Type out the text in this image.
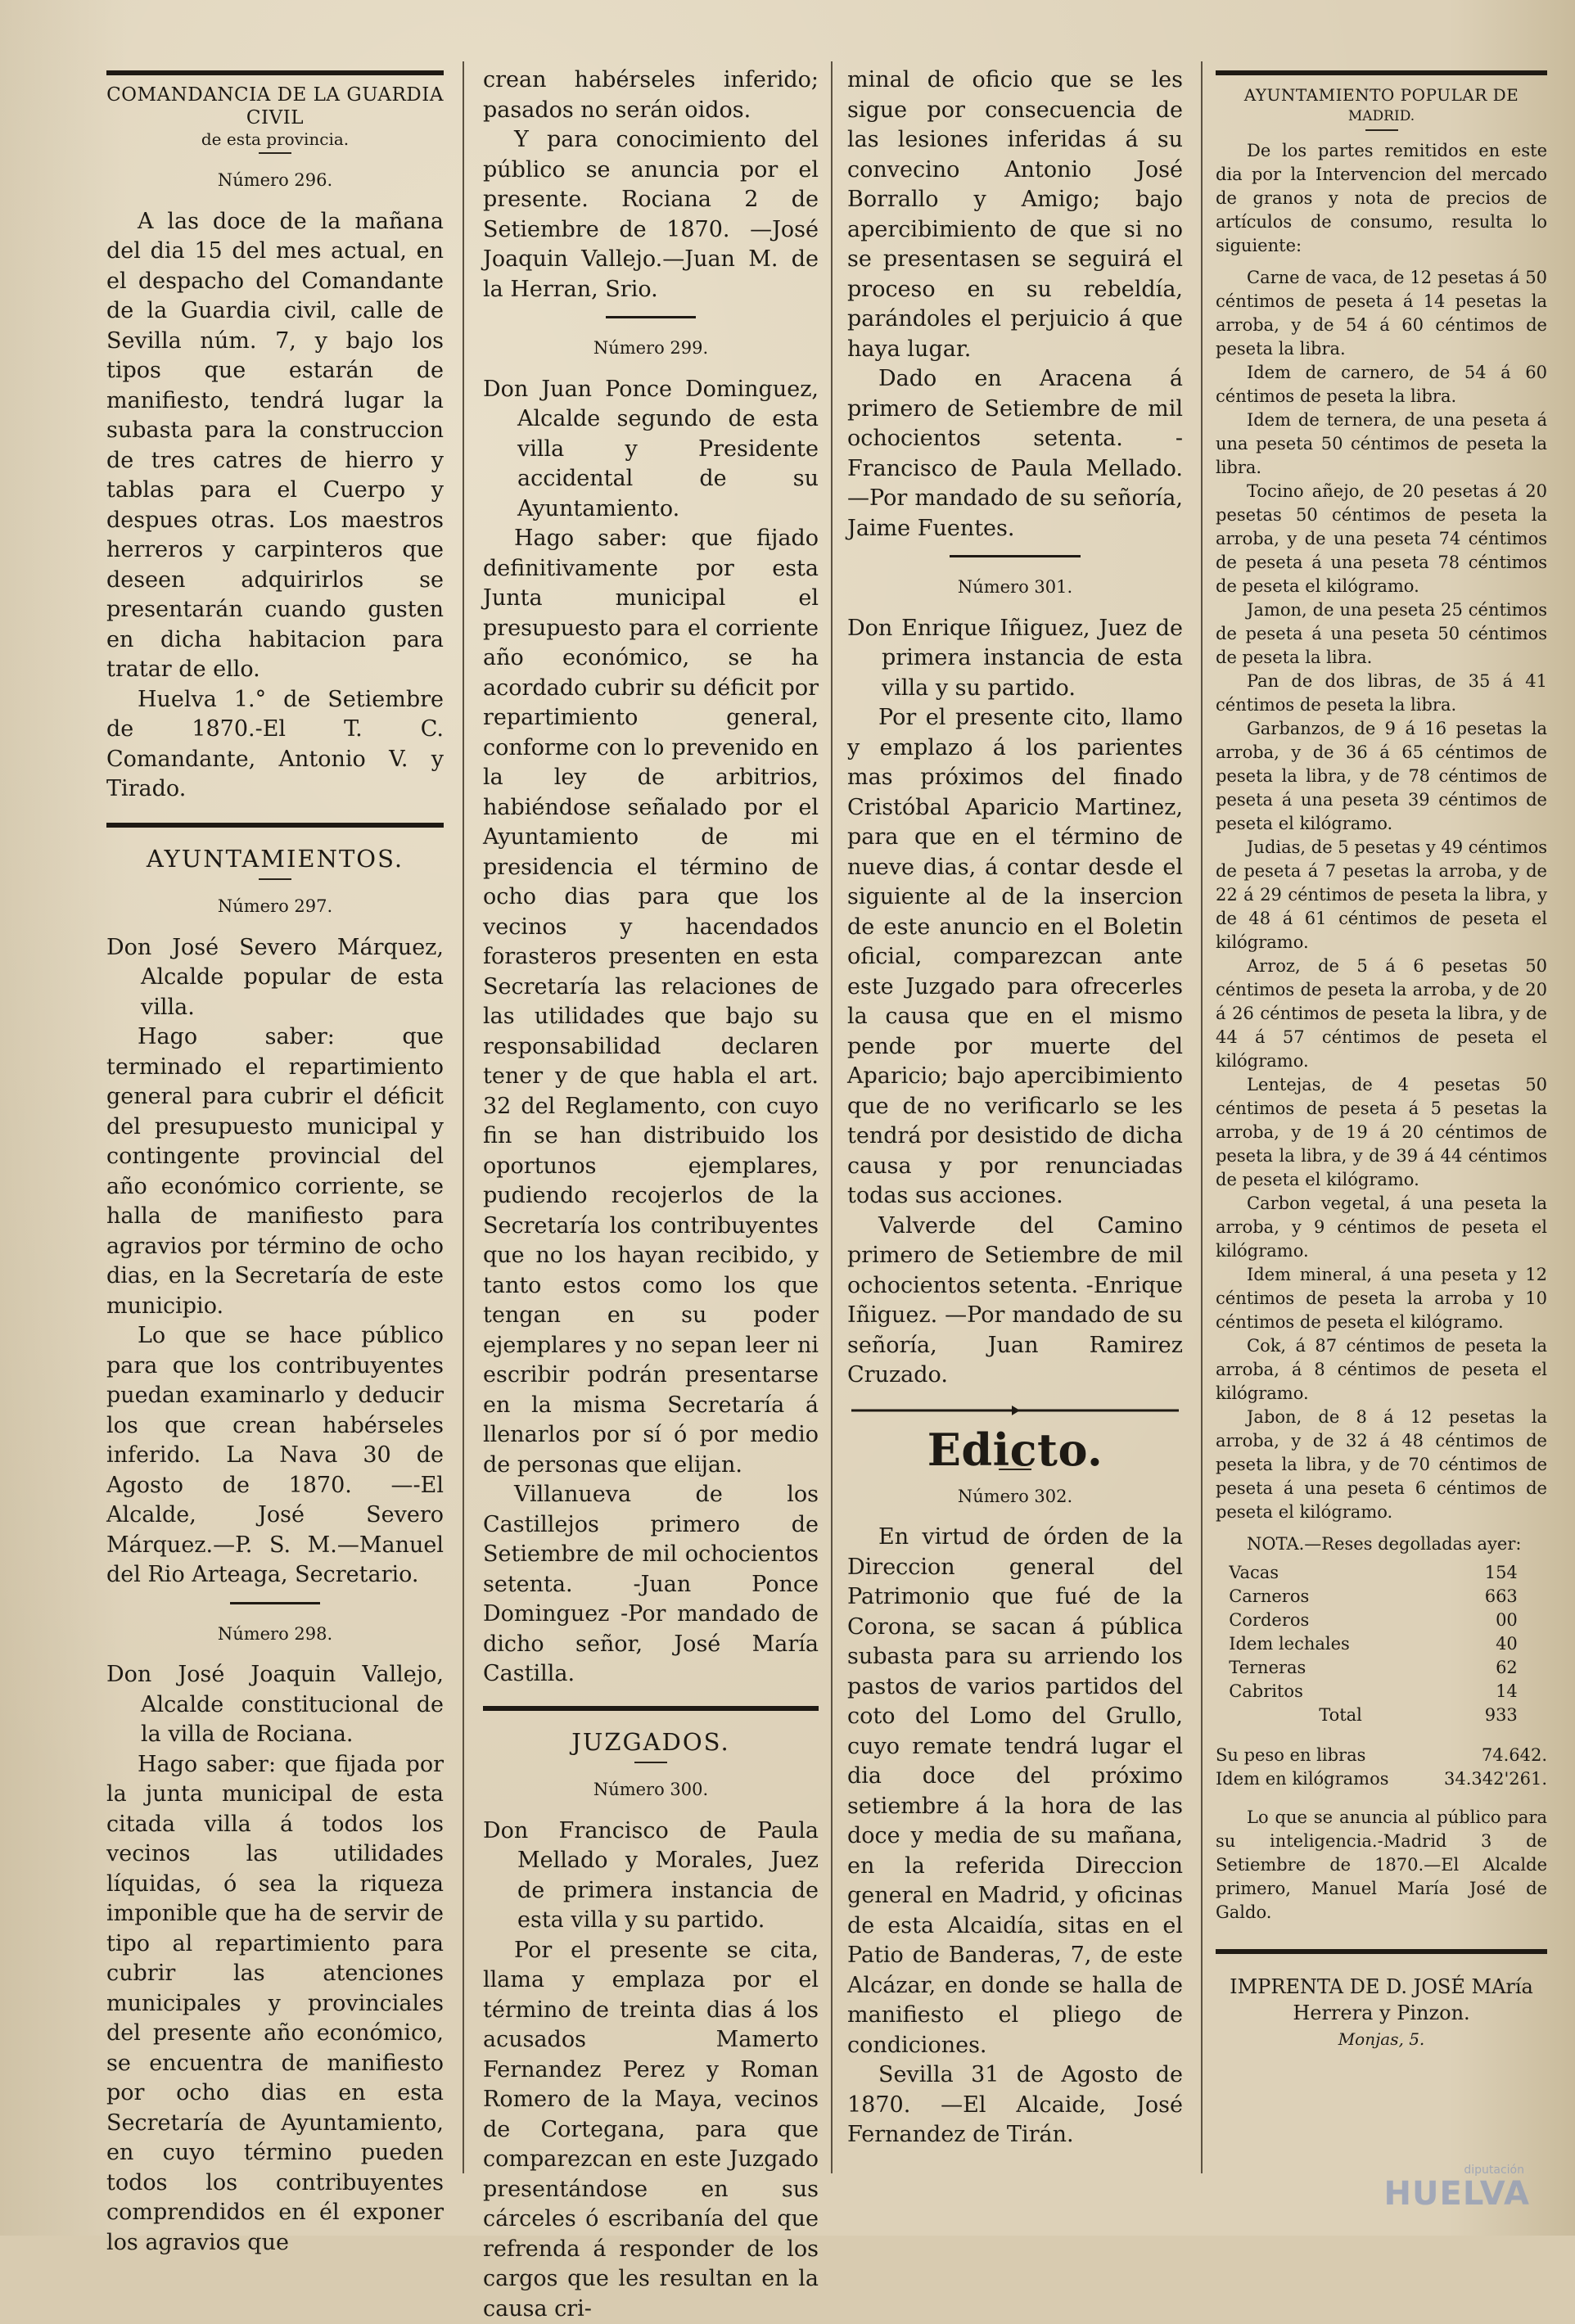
COMANDANCIA DE LA GUARDIA CIVIL
de esta provincia.
Número 296.

A las doce de la mañana del dia 15 del mes actual, en el despacho del Comandante de la Guardia civil, calle de Sevilla núm. 7, y bajo los tipos que estarán de manifiesto, tendrá lugar la subasta para la construccion de tres catres de hierro y tablas para el Cuerpo y despues otras. Los maestros herreros y carpinteros que deseen adquirirlos se presentarán cuando gusten en dicha habitacion para tratar de ello.

Huelva 1.° de Setiembre de 1870.-El T. C. Comandante, Antonio V. y Tirado.

AYUNTAMIENTOS.
Número 297.

Don José Severo Márquez, Alcalde popular de esta villa.

Hago saber: que terminado el repartimiento general para cubrir el déficit del presupuesto municipal y contingente provincial del año económico corriente, se halla de manifiesto para agravios por término de ocho dias, en la Secretaría de este municipio.

Lo que se hace público para que los contribuyentes puedan examinarlo y deducir los que crean habérseles inferido. La Nava 30 de Agosto de 1870. —-El Alcalde, José Severo Márquez.—P. S. M.—Manuel del Rio Arteaga, Secretario.

Número 298.

Don José Joaquin Vallejo, Alcalde constitucional de la villa de Rociana.

Hago saber: que fijada por la junta municipal de esta citada villa á todos los vecinos las utilidades líquidas, ó sea la riqueza imponible que ha de servir de tipo al repartimiento para cubrir las atenciones municipales y provinciales del presente año económico, se encuentra de manifiesto por ocho dias en esta Secretaría de Ayuntamiento, en cuyo término pueden todos los contribuyentes comprendidos en él exponer los agravios que

crean habérseles inferido; pasados no serán oidos.

Y para conocimiento del público se anuncia por el presente. Rociana 2 de Setiembre de 1870. —José Joaquin Vallejo.—Juan M. de la Herran, Srio.

Número 299.

Don Juan Ponce Dominguez, Alcalde segundo de esta villa y Presidente accidental de su Ayuntamiento.

Hago saber: que fijado definitivamente por esta Junta municipal el presupuesto para el corriente año económico, se ha acordado cubrir su déficit por repartimiento general, conforme con lo prevenido en la ley de arbitrios, habiéndose señalado por el Ayuntamiento de mi presidencia el término de ocho dias para que los vecinos y hacendados forasteros presenten en esta Secretaría las relaciones de las utilidades que bajo su responsabilidad declaren tener y de que habla el art. 32 del Reglamento, con cuyo fin se han distribuido los oportunos ejemplares, pudiendo recojerlos de la Secretaría los contribuyentes que no los hayan recibido, y tanto estos como los que tengan en su poder ejemplares y no sepan leer ni escribir podrán presentarse en la misma Secretaría á llenarlos por sí ó por medio de personas que elijan.

Villanueva de los Castillejos primero de Setiembre de mil ochocientos setenta. -Juan Ponce Dominguez -Por mandado de dicho señor, José María Castilla.

JUZGADOS.
Número 300.

Don Francisco de Paula Mellado y Morales, Juez de primera instancia de esta villa y su partido.

Por el presente se cita, llama y emplaza por el término de treinta dias á los acusados Mamerto Fernandez Perez y Roman Romero de la Maya, vecinos de Cortegana, para que comparezcan en este Juzgado presentándose en sus cárceles ó escribanía del que refrenda á responder de los cargos que les resultan en la causa cri-

minal de oficio que se les sigue por consecuencia de las lesiones inferidas á su convecino Antonio José Borrallo y Amigo; bajo apercibimiento de que si no se presentasen se seguirá el proceso en su rebeldía, parándoles el perjuicio á que haya lugar.

Dado en Aracena á primero de Setiembre de mil ochocientos setenta. -Francisco de Paula Mellado. —Por mandado de su señoría, Jaime Fuentes.

Número 301.

Don Enrique Iñiguez, Juez de primera instancia de esta villa y su partido.

Por el presente cito, llamo y emplazo á los parientes mas próximos del finado Cristóbal Aparicio Martinez, para que en el término de nueve dias, á contar desde el siguiente al de la insercion de este anuncio en el Boletin oficial, comparezcan ante este Juzgado para ofrecerles la causa que en el mismo pende por muerte del Aparicio; bajo apercibimiento que de no verificarlo se les tendrá por desistido de dicha causa y por renunciadas todas sus acciones.

Valverde del Camino primero de Setiembre de mil ochocientos setenta. -Enrique Iñiguez. —Por mandado de su señoría, Juan Ramirez Cruzado.

Edicto.
Número 302.

En virtud de órden de la Direccion general del Patrimonio que fué de la Corona, se sacan á pública subasta para su arriendo los pastos de varios partidos del coto del Lomo del Grullo, cuyo remate tendrá lugar el dia doce del próximo setiembre á la hora de las doce y media de su mañana, en la referida Direccion general en Madrid, y oficinas de esta Alcaidía, sitas en el Patio de Banderas, 7, de este Alcázar, en donde se halla de manifiesto el pliego de condiciones.

Sevilla 31 de Agosto de 1870. —El Alcaide, José Fernandez de Tirán.

AYUNTAMIENTO POPULAR DE
MADRID.

De los partes remitidos en este dia por la Intervencion del mercado de granos y nota de precios de artículos de consumo, resulta lo siguiente:

Carne de vaca, de 12 pesetas á 50 céntimos de peseta á 14 pesetas la arroba, y de 54 á 60 céntimos de peseta la libra.

Idem de carnero, de 54 á 60 céntimos de peseta la libra.

Idem de ternera, de una peseta á una peseta 50 céntimos de peseta la libra.

Tocino añejo, de 20 pesetas á 20 pesetas 50 céntimos de peseta la arroba, y de una peseta 74 céntimos de peseta á una peseta 78 céntimos de peseta el kilógramo.

Jamon, de una peseta 25 céntimos de peseta á una peseta 50 céntimos de peseta la libra.

Pan de dos libras, de 35 á 41 céntimos de peseta la libra.

Garbanzos, de 9 á 16 pesetas la arroba, y de 36 á 65 céntimos de peseta la libra, y de 78 céntimos de peseta á una peseta 39 céntimos de peseta el kilógramo.

Judias, de 5 pesetas y 49 céntimos de peseta á 7 pesetas la arroba, y de 22 á 29 céntimos de peseta la libra, y de 48 á 61 céntimos de peseta el kilógramo.

Arroz, de 5 á 6 pesetas 50 céntimos de peseta la arroba, y de 20 á 26 céntimos de peseta la libra, y de 44 á 57 céntimos de peseta el kilógramo.

Lentejas, de 4 pesetas 50 céntimos de peseta á 5 pesetas la arroba, y de 19 á 20 céntimos de peseta la libra, y de 39 á 44 céntimos de peseta el kilógramo.

Carbon vegetal, á una peseta la arroba, y 9 céntimos de peseta el kilógramo.

Idem mineral, á una peseta y 12 céntimos de peseta la arroba y 10 céntimos de peseta el kilógramo.

Cok, á 87 céntimos de peseta la arroba, á 8 céntimos de peseta el kilógramo.

Jabon, de 8 á 12 pesetas la arroba, y de 32 á 48 céntimos de peseta la libra, y de 70 céntimos de peseta á una peseta 6 céntimos de peseta el kilógramo.

NOTA.—Reses degolladas ayer:

Vacas	154
Carneros	663
Corderos	00
Idem lechales	40
Terneras	62
Cabritos	14
Total	933
Su peso en libras	74.642.
Idem en kilógramos	34.342'261.

Lo que se anuncia al público para su inteligencia.-Madrid 3 de Setiembre de 1870.—El Alcalde primero, Manuel María José de Galdo.

IMPRENTA DE D. JOSÉ MAría Herrera y Pinzon.
Monjas, 5.
diputación
HUELVA
